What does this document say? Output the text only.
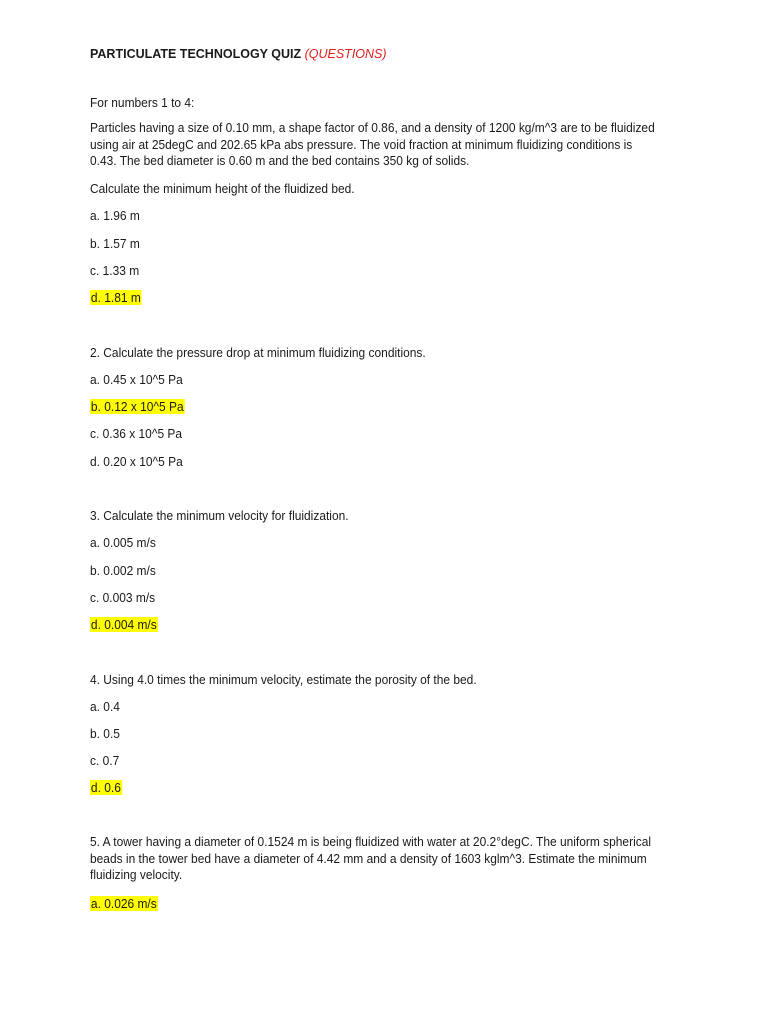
PARTICULATE TECHNOLOGY QUIZ (QUESTIONS)
For numbers 1 to 4:
Particles having a size of 0.10 mm, a shape factor of 0.86, and a density of 1200 kg/m^3 are to be fluidized using air at 25degC and 202.65 kPa abs pressure. The void fraction at minimum fluidizing conditions is 0.43. The bed diameter is 0.60 m and the bed contains 350 kg of solids.
Calculate the minimum height of the fluidized bed.
a. 1.96 m
b. 1.57 m
c. 1.33 m
d. 1.81 m
2. Calculate the pressure drop at minimum fluidizing conditions.
a. 0.45 x 10^5 Pa
b. 0.12 x 10^5 Pa
c. 0.36 x 10^5 Pa
d. 0.20 x 10^5 Pa
3. Calculate the minimum velocity for fluidization.
a. 0.005 m/s
b. 0.002 m/s
c. 0.003 m/s
d. 0.004 m/s
4. Using 4.0 times the minimum velocity, estimate the porosity of the bed.
a. 0.4
b. 0.5
c. 0.7
d. 0.6
5. A tower having a diameter of 0.1524 m is being fluidized with water at 20.2°degC. The uniform spherical beads in the tower bed have a diameter of 4.42 mm and a density of 1603 kglm^3. Estimate the minimum fluidizing velocity.
a. 0.026 m/s
